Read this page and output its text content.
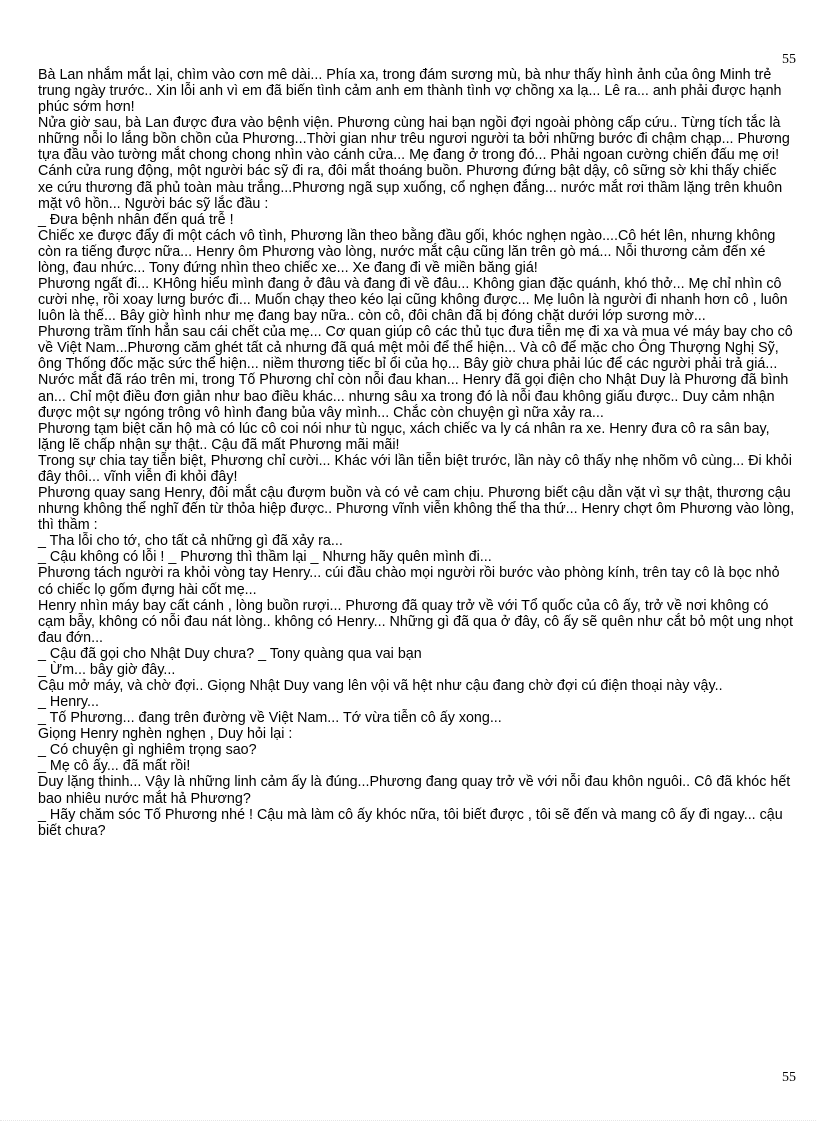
55

Bà Lan nhắm mắt lại, chìm vào cơn mê dài... Phía xa, trong đám sương mù, bà như thấy hình ảnh của ông Minh trẻ trung ngày trước.. Xin lỗi anh vì em đã biến tình cảm anh em thành tình vợ chồng xa lạ... Lê ra... anh phải được hạnh phúc sớm hơn!

Nửa giờ sau, bà Lan được đưa vào bệnh viện. Phương cùng hai bạn ngồi đợi ngoài phòng cấp cứu.. Từng tích tắc là những nỗi lo lắng bồn chồn của Phương...Thời gian như trêu ngươi người ta bởi những bước đi chậm chạp... Phương tựa đầu vào tường mắt chong chong nhìn vào cánh cửa... Mẹ đang ở trong đó... Phải ngoan cường chiến đấu mẹ ơi!

Cánh cửa rung động, một người bác sỹ đi ra, đôi mắt thoáng buồn. Phương đứng bật dậy, cô sững sờ khi thấy chiếc xe cứu thương đã phủ toàn màu trắng...Phương ngã sụp xuống, cổ nghẹn đắng... nước mắt rơi thầm lặng trên khuôn mặt vô hồn... Người bác sỹ lắc đầu :

_ Đưa bệnh nhân đến quá trễ !

Chiếc xe được đẩy đi một cách vô tình, Phương lần theo bằng đầu gối, khóc nghẹn ngào....Cô hét lên, nhưng không còn ra tiếng được nữa... Henry ôm Phương vào lòng, nước mắt cậu cũng lăn trên gò má... Nỗi thương cảm đến xé lòng, đau nhức... Tony đứng nhìn theo chiếc xe... Xe đang đi về miền băng giá!

Phương ngất đi... KHông hiểu mình đang ở đâu và đang đi về đâu... Không gian đặc quánh, khó thở... Mẹ chỉ nhìn cô cười nhẹ, rồi xoay lưng bước đi... Muốn chạy theo kéo lại cũng không được... Mẹ luôn là người đi nhanh hơn cô , luôn luôn là thế... Bây giờ hình như mẹ đang bay nữa.. còn cô, đôi chân đã bị đóng chặt dưới lớp sương mờ...

Phương trầm tĩnh hẳn sau cái chết của mẹ... Cơ quan giúp cô các thủ tục đưa tiễn mẹ đi xa và mua vé máy bay cho cô về Việt Nam...Phương căm ghét tất cả nhưng đã quá mệt mỏi để thể hiện... Và cô để mặc cho Ông Thượng Nghị Sỹ, ông Thống đốc mặc sức thể hiện... niềm thương tiếc bỉ ổi của họ... Bây giờ chưa phải lúc để các người phải trả giá...

Nước mắt đã ráo trên mi, trong Tố Phương chỉ còn nỗi đau khan... Henry đã gọi điện cho Nhật Duy là Phương đã bình an... Chỉ một điều đơn giản như bao điều khác... nhưng sâu xa trong đó là nỗi đau không giấu được.. Duy cảm nhận được một sự ngóng trông vô hình đang bủa vây mình... Chắc còn chuyện gì nữa xảy ra...

Phương tạm biệt căn hộ mà có lúc cô coi nói như tù ngục, xách chiếc va ly cá nhân ra xe. Henry đưa cô ra sân bay, lặng lẽ chấp nhận sự thật.. Cậu đã mất Phương mãi mãi!

Trong sự chia tay tiễn biệt, Phương chỉ cười... Khác với lần tiễn biệt trước, lần này cô thấy nhẹ nhõm vô cùng... Đi khỏi đây thôi... vĩnh viễn đi khỏi đây!

Phương quay sang Henry, đôi mắt cậu đượm buồn và có vẻ cam chịu. Phương biết cậu dằn vặt vì sự thật, thương cậu nhưng không thể nghĩ đến từ thỏa hiệp được.. Phương vĩnh viễn không thể tha thứ... Henry chợt ôm Phương vào lòng, thì thầm :

_ Tha lỗi cho tớ, cho tất cả những gì đã xảy ra...

_ Cậu không có lỗi ! _ Phương thì thầm lại _ Nhưng hãy quên mình đi...

Phương tách người ra khỏi vòng tay Henry... cúi đầu chào mọi người rồi bước vào phòng kính, trên tay cô là bọc nhỏ có chiếc lọ gốm đựng hài cốt mẹ...

Henry nhìn máy bay cất cánh , lòng buồn rượi... Phương đã quay trở về với Tổ quốc của cô ấy, trở về nơi không có cạm bẫy, không có nỗi đau nát lòng.. không có Henry... Những gì đã qua ở đây, cô ấy sẽ quên như cắt bỏ một ung nhọt đau đớn...

_ Cậu đã gọi cho Nhật Duy chưa? _ Tony quàng qua vai bạn

_ Ừm... bây giờ đây...

Cậu mở máy, và chờ đợi.. Giọng Nhật Duy vang lên vội vã hệt như cậu đang chờ đợi cú điện thoại này vậy..

_ Henry...

_ Tố Phương... đang trên đường về Việt Nam... Tớ vừa tiễn cô ấy xong...

Giọng Henry nghèn nghẹn , Duy hỏi lại :

_ Có chuyện gì nghiêm trọng sao?

_ Mẹ cô ấy... đã mất rồi!

Duy lặng thinh... Vậy là những linh cảm ấy là đúng...Phương đang quay trở về với nỗi đau khôn nguôi.. Cô đã khóc hết bao nhiêu nước mắt hả Phương?

_ Hãy chăm sóc Tố Phương nhé ! Cậu mà làm cô ấy khóc nữa, tôi biết được , tôi sẽ đến và mang cô ấy đi ngay... cậu biết chưa?

55
